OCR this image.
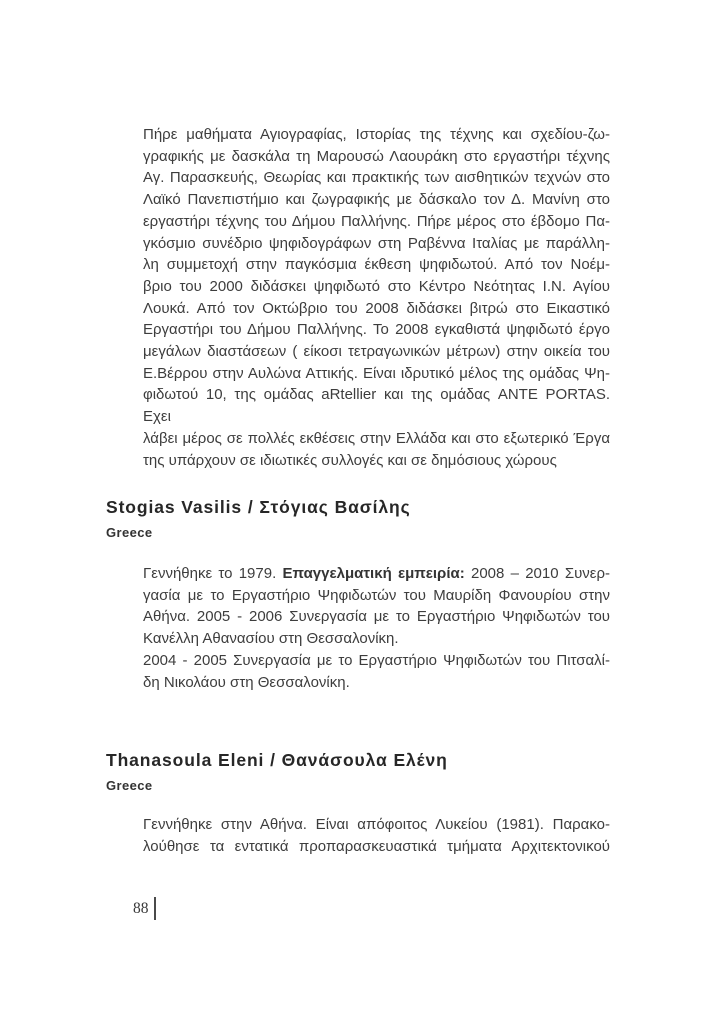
Πήρε μαθήματα Αγιογραφίας, Ιστορίας της τέχνης και σχεδίου-ζω-
γραφικής με δασκάλα τη Μαρουσώ Λαουράκη στο εργαστήρι τέχνης
Αγ. Παρασκευής, Θεωρίας και πρακτικής των αισθητικών τεχνών στο
Λαϊκό Πανεπιστήμιο και ζωγραφικής με δάσκαλο τον Δ. Μανίνη στο
εργαστήρι τέχνης του Δήμου Παλλήνης. Πήρε μέρος στο έβδομο Πα-
γκόσμιο συνέδριο ψηφιδογράφων στη Ραβέννα Ιταλίας με παράλλη-
λη συμμετοχή στην παγκόσμια έκθεση ψηφιδωτού. Από τον Νοέμ-
βριο του 2000 διδάσκει ψηφιδωτό στο Κέντρο Νεότητας Ι.Ν. Αγίου
Λουκά. Από τον Οκτώβριο του 2008 διδάσκει βιτρώ στο Εικαστικό
Εργαστήρι του Δήμου Παλλήνης. Το 2008 εγκαθιστά ψηφιδωτό έργο
μεγάλων διαστάσεων ( είκοσι τετραγωνικών μέτρων) στην οικεία του
Ε.Βέρρου στην Αυλώνα Αττικής. Είναι ιδρυτικό μέλος της ομάδας Ψη-
φιδωτού 10, της ομάδας aRtellier και της ομάδας ANTE PORTAS. Εχει
λάβει μέρος σε πολλές εκθέσεις στην Ελλάδα και στο εξωτερικό Έργα
της υπάρχουν σε ιδιωτικές συλλογές και σε δημόσιους χώρους
Stogias Vasilis / Στόγιας Βασίλης
Greece
Γεννήθηκε το 1979. Επαγγελματική εμπειρία: 2008 – 2010 Συνερ-
γασία με το Εργαστήριο Ψηφιδωτών του Μαυρίδη Φανουρίου στην
Αθήνα. 2005 - 2006 Συνεργασία με το Εργαστήριο Ψηφιδωτών του
Κανέλλη Αθανασίου στη Θεσσαλονίκη.
2004 - 2005 Συνεργασία με το Εργαστήριο Ψηφιδωτών του Πιτσαλί-
δη Νικολάου στη Θεσσαλονίκη.
Thanasoula Eleni / Θανάσουλα Ελένη
Greece
Γεννήθηκε στην Αθήνα. Είναι απόφοιτος Λυκείου (1981). Παρακο-
λούθησε τα εντατικά προπαρασκευαστικά τμήματα Αρχιτεκτονικού
88
